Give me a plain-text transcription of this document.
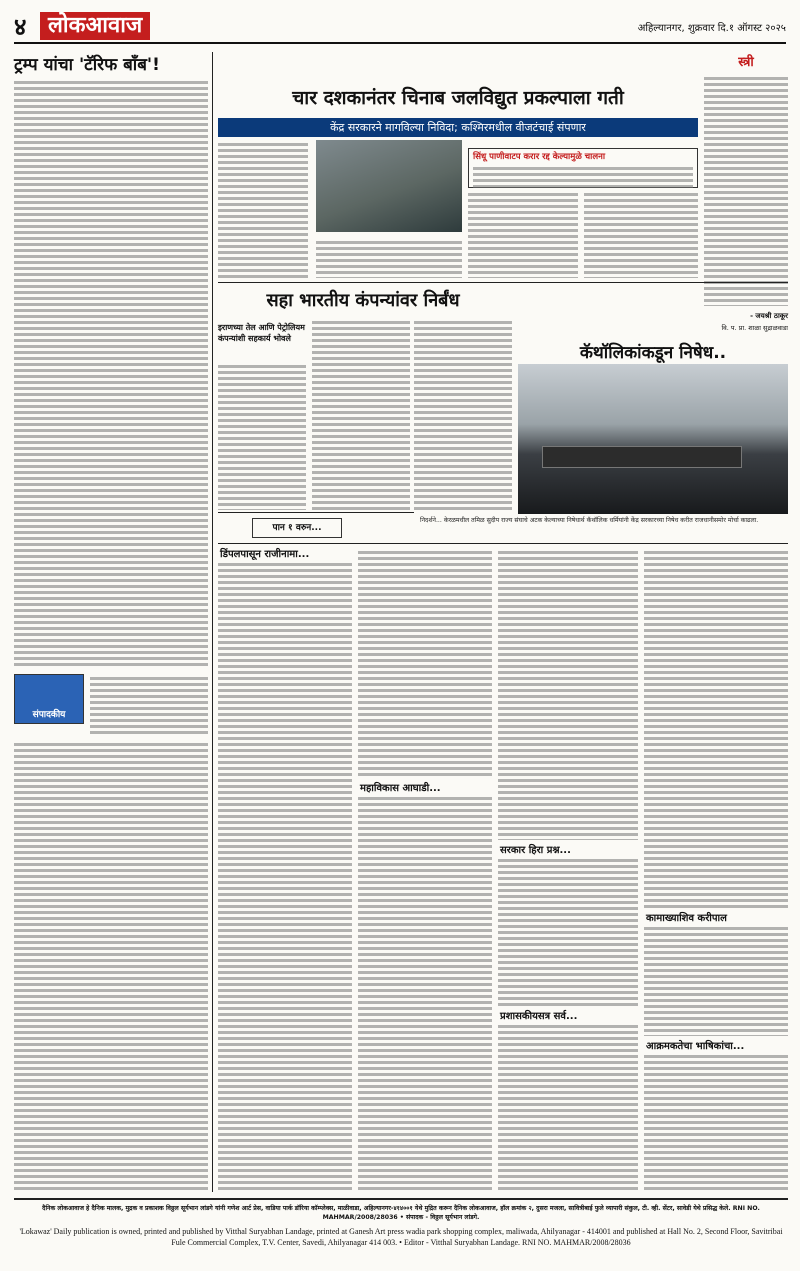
४ लोकआवाज	अहिल्यानगर, शुक्रवार दि.१ ऑगस्ट २०२५
ट्रम्प यांचा 'टॅरिफ बॉंब'!
संपादकीय
चार दशकानंतर चिनाब जलविद्युत प्रकल्पाला गती
केंद्र सरकारने मागविल्या निविदा; कश्मिरमधील वीजटंचाई संपणार
सिंधू पाणीवाटप करार रद्द केल्यामुळे चालना
स्त्री
- जयश्री ठाकूर
वि. प. प्रा. शाळा सुद्राळवाडा
सहा भारतीय कंपन्यांवर निर्बंध
इराणच्या तेल आणि पेट्रोलियम कंपन्यांशी सहकार्य भोवले
कॅथॉलिकांकडून निषेध..
निदर्शने... केरळमधील तमिळ सुदीप राज्य संघाचे अटक केल्याच्या निषेधार्थ कॅथॉलिक धर्मियांनी केंद्र सरकारच्या निषेध करीत राजधानीसमोर मोर्चा काढला.
पान १ वरुन...
डिंपलपासून राजीनामा...
महाविकास आघाडी...
सरकार हिरा प्रश्न...
प्रशासकीयसत्र सर्व...
कामाख्याशिव करीपाल
आक्रमकतेचा भाषिकांचा...
दैनिक लोकआवाज हे दैनिक मालक, मुद्रक व प्रकाशक विठ्ठल सूर्यभान लांडगे यांनी गणेश आर्ट प्रेस, वाडिया पार्क डॉरिया कॉम्प्लेक्स, माळीवाडा, अहिल्यानगर-४१४००१ येथे मुद्रित करून दैनिक लोकआवाज, हॉल क्रमांक २, दुसरा मजला, सावित्रीबाई फुले व्यापारी संकुल, टी. व्ही. सेंटर, सावेडी येथे प्रसिद्ध केले. RNI NO. MAHMAR/2008/28036 • संपादक - विठ्ठल सूर्यभान लांडगे.
'Lokawaz' Daily publication is owned, printed and published by Vitthal Suryabhan Landage, printed at Ganesh Art press wadia park shopping complex, maliwada, Ahilyanagar - 414001 and published at Hall No. 2, Second Floor, Savitribai Fule Commercial Complex, T.V. Center, Savedi, Ahilyanagar 414 003. • Editor - Vitthal Suryabhan Landage. RNI NO. MAHMAR/2008/28036
